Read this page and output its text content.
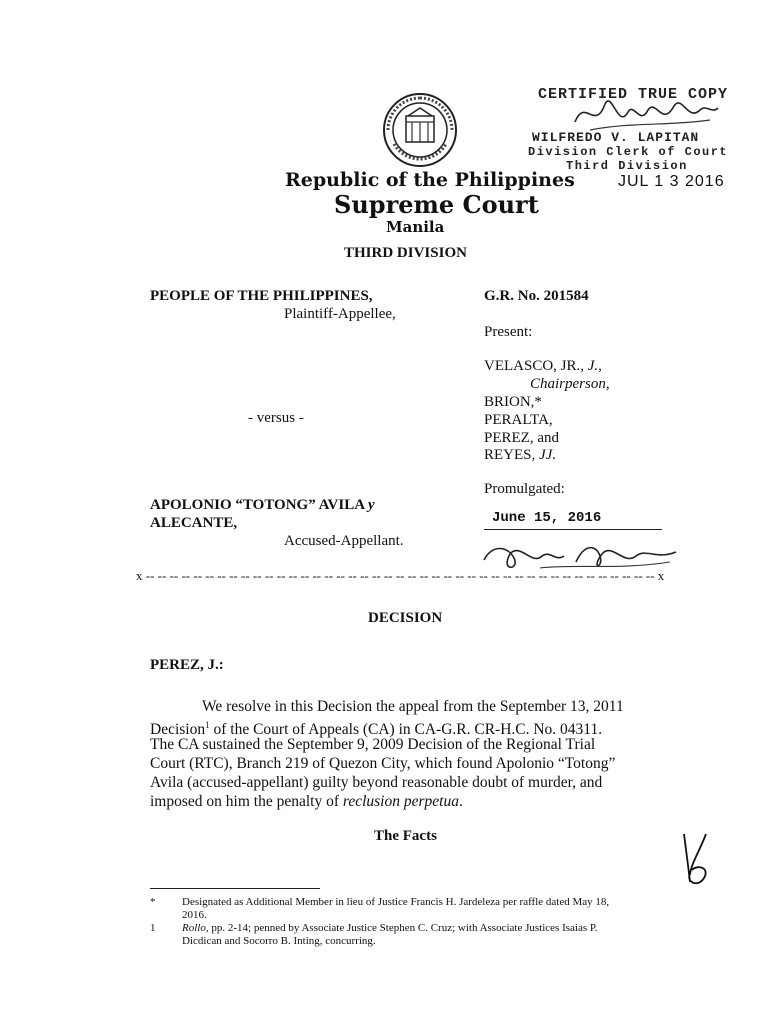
CERTIFIED TRUE COPY
WILFREDO V. LAPITAN
Division Clerk of Court
Third Division
JUL 1 3 2016
Republic of the Philippines
Supreme Court
Manila
THIRD DIVISION
PEOPLE OF THE PHILIPPINES,
Plaintiff-Appellee,
- versus -
APOLONIO “TOTONG” AVILA y
ALECANTE,
Accused-Appellant.
G.R. No. 201584
Present:
VELASCO, JR., J.,
Chairperson,
BRION,*
PERALTA,
PEREZ, and
REYES, JJ.
Promulgated:
June 15, 2016
x -- -- -- -- -- -- -- -- -- -- -- -- -- -- -- -- -- -- -- -- -- -- -- -- -- -- -- -- -- -- -- -- -- -- -- -- -- -- -- -- -- -- -- x
DECISION
PEREZ, J.:
We resolve in this Decision the appeal from the September 13, 2011
Decision$^1$ of the Court of Appeals (CA) in CA-G.R. CR-H.C. No. 04311.
The CA sustained the September 9, 2009 Decision of the Regional Trial
Court (RTC), Branch 219 of Quezon City, which found Apolonio “Totong”
Avila (accused-appellant) guilty beyond reasonable doubt of murder, and
imposed on him the penalty of reclusion perpetua.
The Facts
* Designated as Additional Member in lieu of Justice Francis H. Jardeleza per raffle dated May 18,
2016.
1 Rollo, pp. 2-14; penned by Associate Justice Stephen C. Cruz; with Associate Justices Isaias P.
Dicdican and Socorro B. Inting, concurring.
